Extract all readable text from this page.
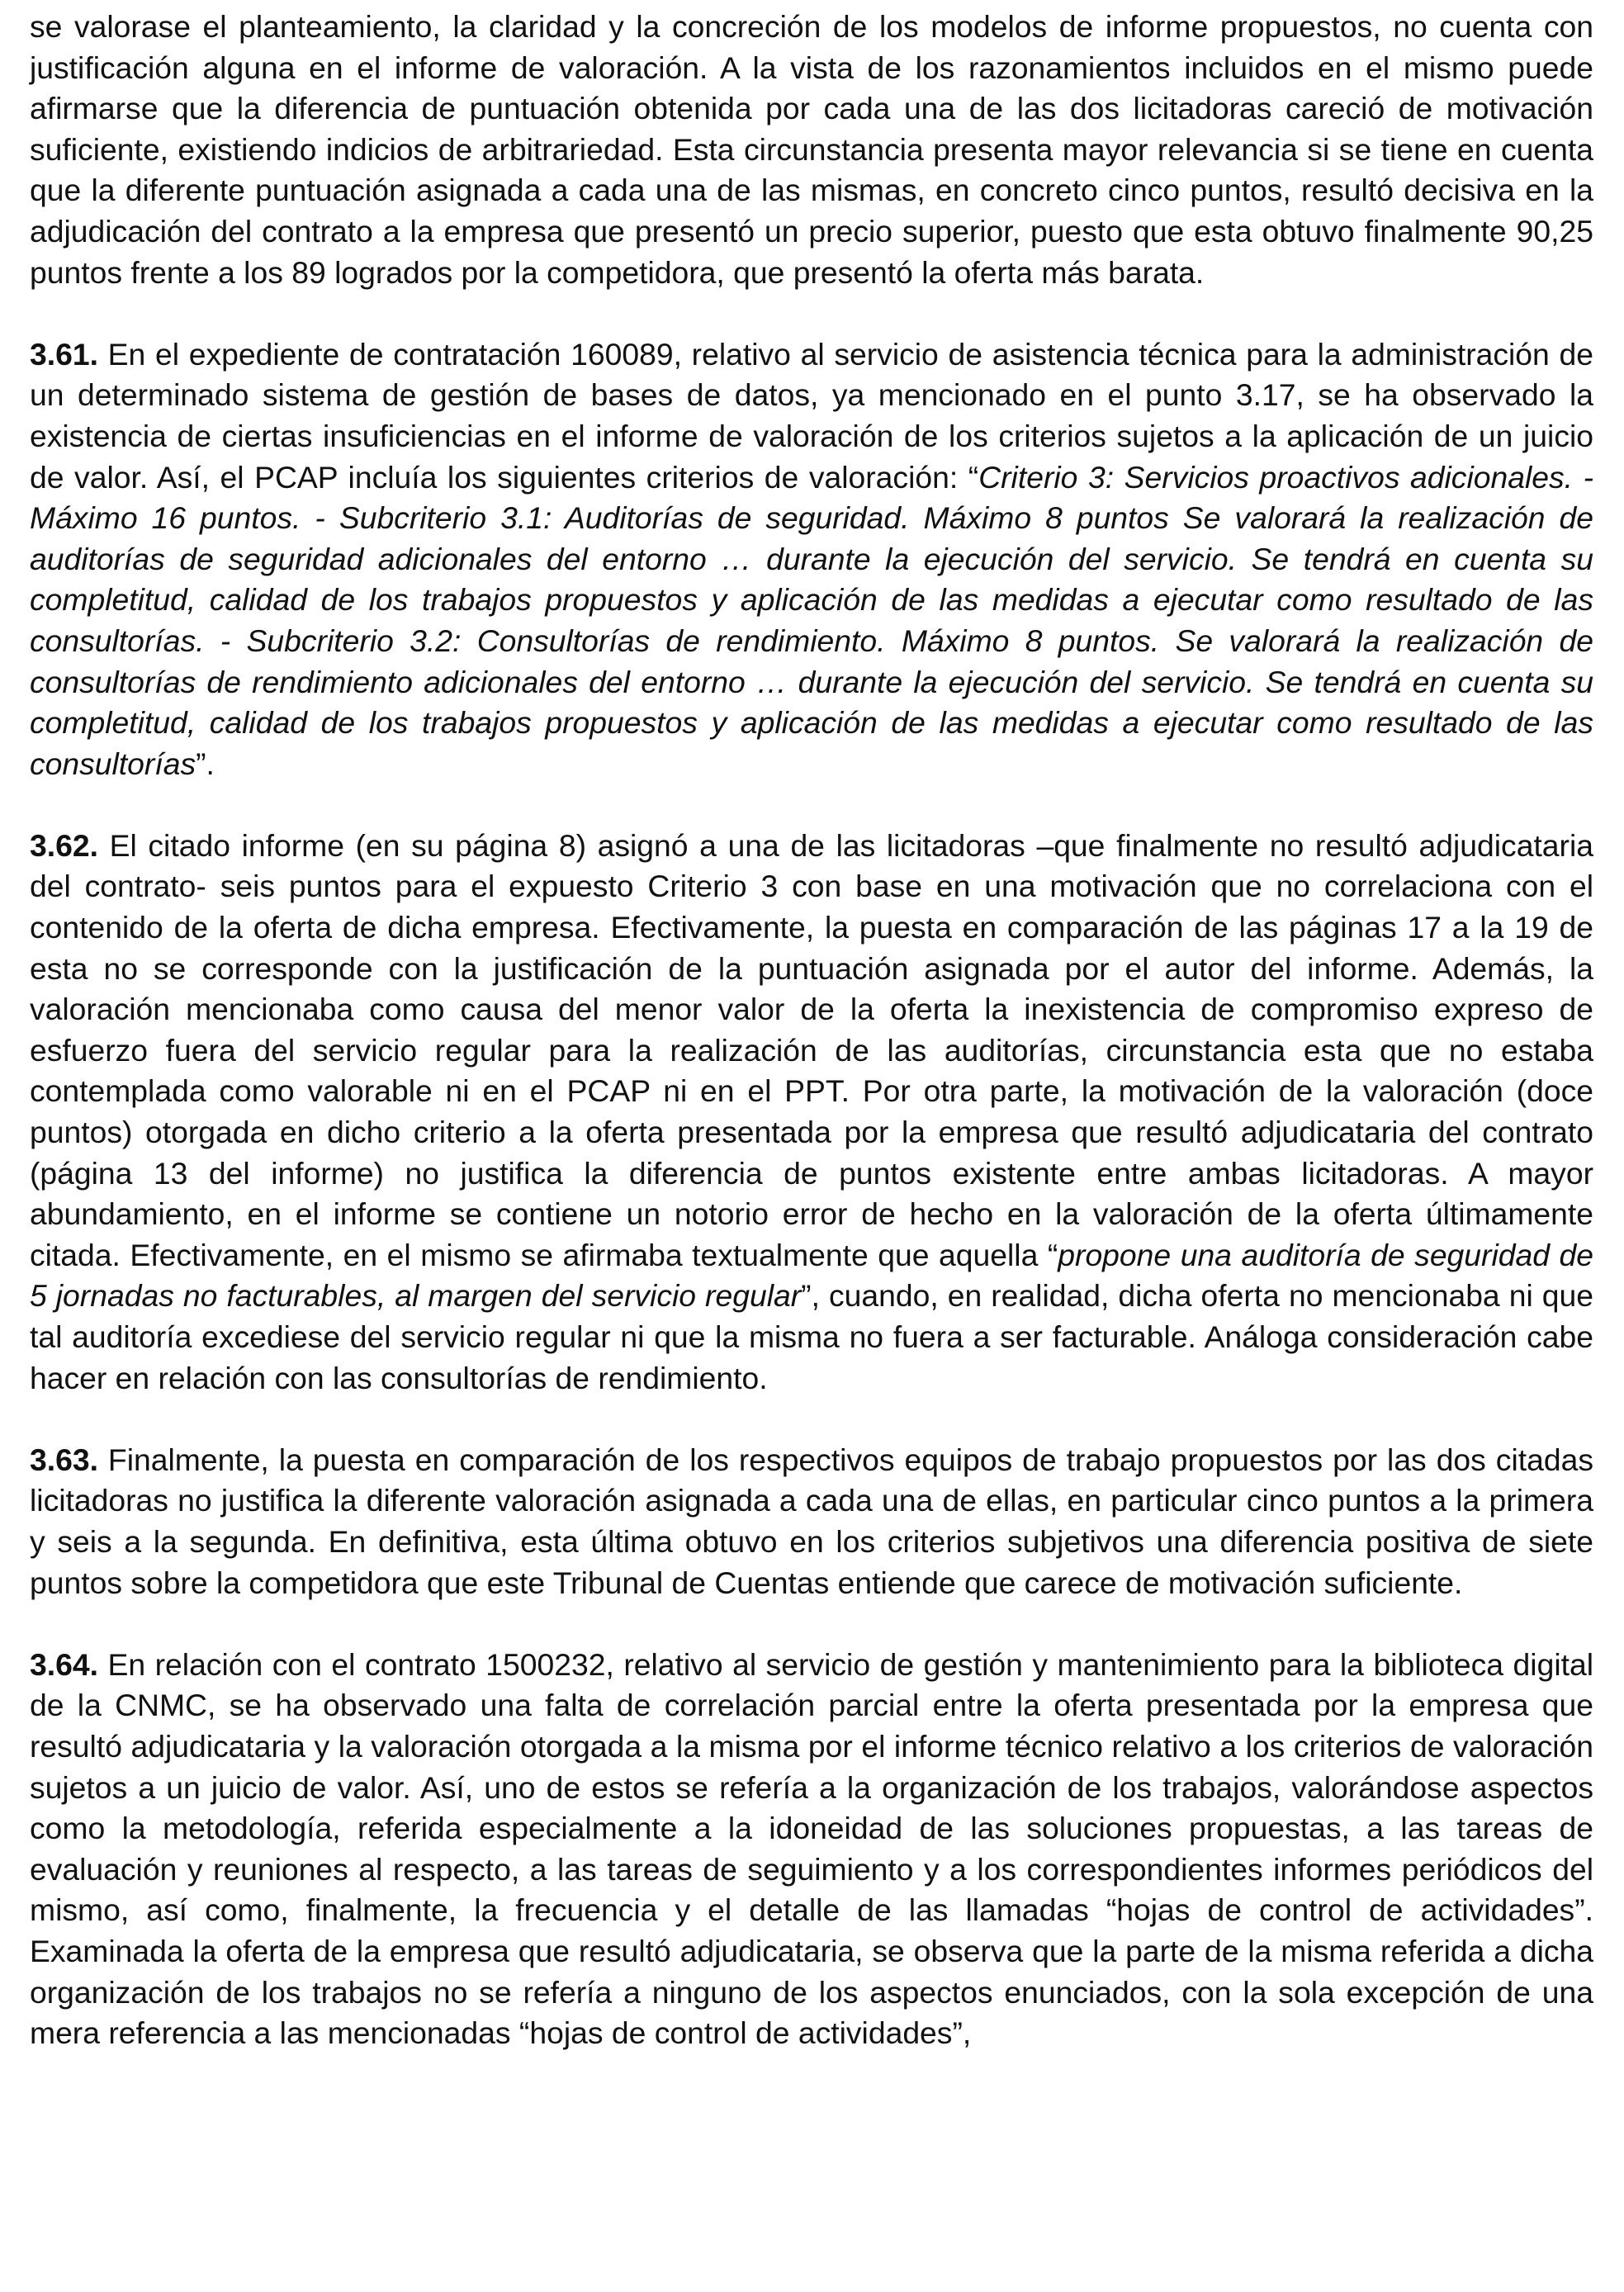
se valorase el planteamiento, la claridad y la concreción de los modelos de informe propuestos, no cuenta con justificación alguna en el informe de valoración. A la vista de los razonamientos incluidos en el mismo puede afirmarse que la diferencia de puntuación obtenida por cada una de las dos licitadoras careció de motivación suficiente, existiendo indicios de arbitrariedad. Esta circunstancia presenta mayor relevancia si se tiene en cuenta que la diferente puntuación asignada a cada una de las mismas, en concreto cinco puntos, resultó decisiva en la adjudicación del contrato a la empresa que presentó un precio superior, puesto que esta obtuvo finalmente 90,25 puntos frente a los 89 logrados por la competidora, que presentó la oferta más barata.

3.61. En el expediente de contratación 160089, relativo al servicio de asistencia técnica para la administración de un determinado sistema de gestión de bases de datos, ya mencionado en el punto 3.17, se ha observado la existencia de ciertas insuficiencias en el informe de valoración de los criterios sujetos a la aplicación de un juicio de valor. Así, el PCAP incluía los siguientes criterios de valoración: “Criterio 3: Servicios proactivos adicionales. -Máximo 16 puntos. - Subcriterio 3.1: Auditorías de seguridad. Máximo 8 puntos Se valorará la realización de auditorías de seguridad adicionales del entorno … durante la ejecución del servicio. Se tendrá en cuenta su completitud, calidad de los trabajos propuestos y aplicación de las medidas a ejecutar como resultado de las consultorías. - Subcriterio 3.2: Consultorías de rendimiento. Máximo 8 puntos. Se valorará la realización de consultorías de rendimiento adicionales del entorno … durante la ejecución del servicio. Se tendrá en cuenta su completitud, calidad de los trabajos propuestos y aplicación de las medidas a ejecutar como resultado de las consultorías”.

3.62. El citado informe (en su página 8) asignó a una de las licitadoras –que finalmente no resultó adjudicataria del contrato- seis puntos para el expuesto Criterio 3 con base en una motivación que no correlaciona con el contenido de la oferta de dicha empresa. Efectivamente, la puesta en comparación de las páginas 17 a la 19 de esta no se corresponde con la justificación de la puntuación asignada por el autor del informe. Además, la valoración mencionaba como causa del menor valor de la oferta la inexistencia de compromiso expreso de esfuerzo fuera del servicio regular para la realización de las auditorías, circunstancia esta que no estaba contemplada como valorable ni en el PCAP ni en el PPT. Por otra parte, la motivación de la valoración (doce puntos) otorgada en dicho criterio a la oferta presentada por la empresa que resultó adjudicataria del contrato (página 13 del informe) no justifica la diferencia de puntos existente entre ambas licitadoras. A mayor abundamiento, en el informe se contiene un notorio error de hecho en la valoración de la oferta últimamente citada. Efectivamente, en el mismo se afirmaba textualmente que aquella “propone una auditoría de seguridad de 5 jornadas no facturables, al margen del servicio regular”, cuando, en realidad, dicha oferta no mencionaba ni que tal auditoría excediese del servicio regular ni que la misma no fuera a ser facturable. Análoga consideración cabe hacer en relación con las consultorías de rendimiento.

3.63. Finalmente, la puesta en comparación de los respectivos equipos de trabajo propuestos por las dos citadas licitadoras no justifica la diferente valoración asignada a cada una de ellas, en particular cinco puntos a la primera y seis a la segunda. En definitiva, esta última obtuvo en los criterios subjetivos una diferencia positiva de siete puntos sobre la competidora que este Tribunal de Cuentas entiende que carece de motivación suficiente.

3.64. En relación con el contrato 1500232, relativo al servicio de gestión y mantenimiento para la biblioteca digital de la CNMC, se ha observado una falta de correlación parcial entre la oferta presentada por la empresa que resultó adjudicataria y la valoración otorgada a la misma por el informe técnico relativo a los criterios de valoración sujetos a un juicio de valor. Así, uno de estos se refería a la organización de los trabajos, valorándose aspectos como la metodología, referida especialmente a la idoneidad de las soluciones propuestas, a las tareas de evaluación y reuniones al respecto, a las tareas de seguimiento y a los correspondientes informes periódicos del mismo, así como, finalmente, la frecuencia y el detalle de las llamadas “hojas de control de actividades”. Examinada la oferta de la empresa que resultó adjudicataria, se observa que la parte de la misma referida a dicha organización de los trabajos no se refería a ninguno de los aspectos enunciados, con la sola excepción de una mera referencia a las mencionadas “hojas de control de actividades”,
